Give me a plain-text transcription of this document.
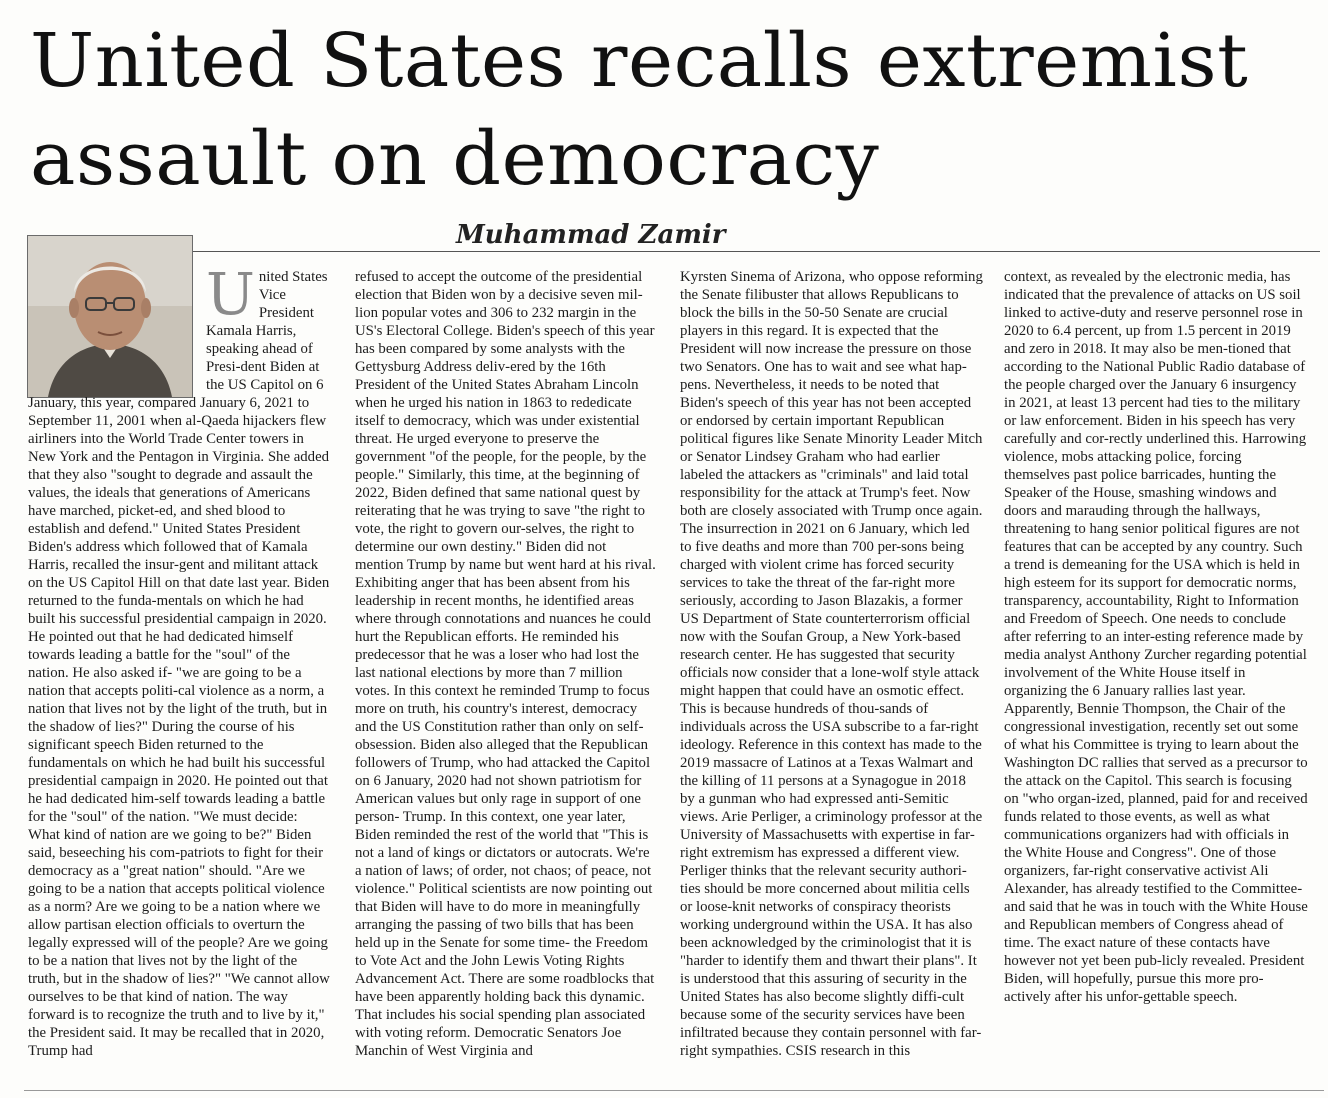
United States recalls extremist assault on democracy
Muhammad Zamir

United States Vice President Kamala Harris, speaking ahead of Presi-dent Biden at the US Capitol on 6 January, this year, compared January 6, 2021 to September 11, 2001 when al-Qaeda hijackers flew airliners into the World Trade Center towers in New York and the Pentagon in Virginia. She added that they also "sought to degrade and assault the values, the ideals that generations of Americans have marched, picket-ed, and shed blood to establish and defend." United States President Biden's address which followed that of Kamala Harris, recalled the insur-gent and militant attack on the US Capitol Hill on that date last year. Biden returned to the funda-mentals on which he had built his successful presidential campaign in 2020. He pointed out that he had dedicated himself towards leading a battle for the "soul" of the nation. He also asked if- "we are going to be a nation that accepts politi-cal violence as a norm, a nation that lives not by the light of the truth, but in the shadow of lies?" During the course of his significant speech Biden returned to the fundamentals on which he had built his successful presidential campaign in 2020. He pointed out that he had dedicated him-self towards leading a battle for the "soul" of the nation. "We must decide: What kind of nation are we going to be?" Biden said, beseeching his com-patriots to fight for their democracy as a "great nation" should. "Are we going to be a nation that accepts political violence as a norm? Are we going to be a nation where we allow partisan election officials to overturn the legally expressed will of the people? Are we going to be a nation that lives not by the light of the truth, but in the shadow of lies?" "We cannot allow ourselves to be that kind of nation. The way forward is to recognize the truth and to live by it," the President said. It may be recalled that in 2020, Trump had

refused to accept the outcome of the presidential election that Biden won by a decisive seven mil-lion popular votes and 306 to 232 margin in the US's Electoral College. Biden's speech of this year has been compared by some analysts with the Gettysburg Address deliv-ered by the 16th President of the United States Abraham Lincoln when he urged his nation in 1863 to rededicate itself to democracy, which was under existential threat. He urged everyone to preserve the government "of the people, for the people, by the people." Similarly, this time, at the beginning of 2022, Biden defined that same national quest by reiterating that he was trying to save "the right to vote, the right to govern our-selves, the right to determine our own destiny." Biden did not mention Trump by name but went hard at his rival. Exhibiting anger that has been absent from his leadership in recent months, he identified areas where through connotations and nuances he could hurt the Republican efforts. He reminded his predecessor that he was a loser who had lost the last national elections by more than 7 million votes. In this context he reminded Trump to focus more on truth, his country's interest, democracy and the US Constitution rather than only on self-obsession. Biden also alleged that the Republican followers of Trump, who had attacked the Capitol on 6 January, 2020 had not shown patriotism for American values but only rage in support of one person- Trump. In this context, one year later, Biden reminded the rest of the world that "This is not a land of kings or dictators or autocrats. We're a nation of laws; of order, not chaos; of peace, not violence." Political scientists are now pointing out that Biden will have to do more in meaningfully arranging the passing of two bills that has been held up in the Senate for some time- the Freedom to Vote Act and the John Lewis Voting Rights Advancement Act. There are some roadblocks that have been apparently holding back this dynamic. That includes his social spending plan associated with voting reform. Democratic Senators Joe Manchin of West Virginia and

Kyrsten Sinema of Arizona, who oppose reforming the Senate filibuster that allows Republicans to block the bills in the 50-50 Senate are crucial players in this regard. It is expected that the President will now increase the pressure on those two Senators. One has to wait and see what hap-pens. Nevertheless, it needs to be noted that Biden's speech of this year has not been accepted or endorsed by certain important Republican political figures like Senate Minority Leader Mitch or Senator Lindsey Graham who had earlier labeled the attackers as "criminals" and laid total responsibility for the attack at Trump's feet. Now both are closely associated with Trump once again. The insurrection in 2021 on 6 January, which led to five deaths and more than 700 per-sons being charged with violent crime has forced security services to take the threat of the far-right more seriously, according to Jason Blazakis, a former US Department of State counterterrorism official now with the Soufan Group, a New York-based research center. He has suggested that security officials now consider that a lone-wolf style attack might happen that could have an osmotic effect. This is because hundreds of thou-sands of individuals across the USA subscribe to a far-right ideology. Reference in this context has made to the 2019 massacre of Latinos at a Texas Walmart and the killing of 11 persons at a Synagogue in 2018 by a gunman who had expressed anti-Semitic views. Arie Perliger, a criminology professor at the University of Massachusetts with expertise in far-right extremism has expressed a different view. Perliger thinks that the relevant security authori-ties should be more concerned about militia cells or loose-knit networks of conspiracy theorists working underground within the USA. It has also been acknowledged by the criminologist that it is "harder to identify them and thwart their plans". It is understood that this assuring of security in the United States has also become slightly diffi-cult because some of the security services have been infiltrated because they contain personnel with far-right sympathies. CSIS research in this

context, as revealed by the electronic media, has indicated that the prevalence of attacks on US soil linked to active-duty and reserve personnel rose in 2020 to 6.4 percent, up from 1.5 percent in 2019 and zero in 2018. It may also be men-tioned that according to the National Public Radio database of the people charged over the January 6 insurgency in 2021, at least 13 percent had ties to the military or law enforcement. Biden in his speech has very carefully and cor-rectly underlined this. Harrowing violence, mobs attacking police, forcing themselves past police barricades, hunting the Speaker of the House, smashing windows and doors and marauding through the hallways, threatening to hang senior political figures are not features that can be accepted by any country. Such a trend is demeaning for the USA which is held in high esteem for its support for democratic norms, transparency, accountability, Right to Information and Freedom of Speech. One needs to conclude after referring to an inter-esting reference made by media analyst Anthony Zurcher regarding potential involvement of the White House itself in organizing the 6 January rallies last year. Apparently, Bennie Thompson, the Chair of the congressional investigation, recently set out some of what his Committee is trying to learn about the Washington DC rallies that served as a precursor to the attack on the Capitol. This search is focusing on "who organ-ized, planned, paid for and received funds related to those events, as well as what communications organizers had with officials in the White House and Congress". One of those organizers, far-right conservative activist Ali Alexander, has already testified to the Committee- and said that he was in touch with the White House and Republican members of Congress ahead of time. The exact nature of these contacts have however not yet been pub-licly revealed. President Biden, will hopefully, pursue this more pro-actively after his unfor-gettable speech.
